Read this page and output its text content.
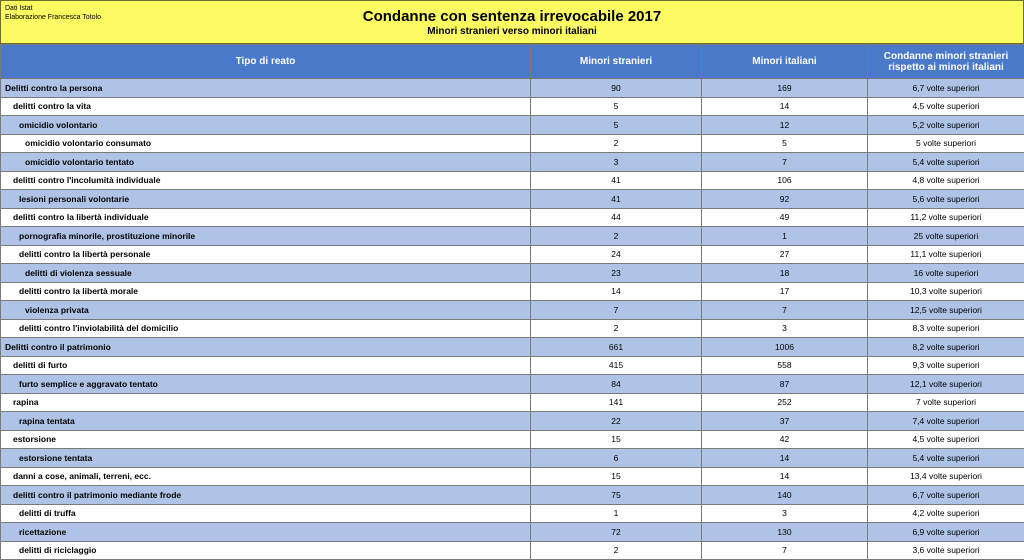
Dati Istat
Elaborazione Francesca Totolo	Condanne con sentenza irrevocabile 2017
Minori stranieri verso minori italiani
Tipo di reato	Minori stranieri	Minori italiani	Condanne minori stranieri
rispetto ai minori italiani
Delitti contro la persona	90	169	6,7 volte superiori
delitti contro la vita	5	14	4,5 volte superiori
omicidio volontario	5	12	5,2 volte superiori
omicidio volontario consumato	2	5	5 volte superiori
omicidio volontario tentato	3	7	5,4 volte superiori
delitti contro l'incolumità individuale	41	106	4,8 volte superiori
lesioni personali volontarie	41	92	5,6 volte superiori
delitti contro la libertà individuale	44	49	11,2 volte superiori
pornografia minorile, prostituzione minorile	2	1	25 volte superiori
delitti contro la libertà personale	24	27	11,1 volte superiori
delitti di violenza sessuale	23	18	16 volte superiori
delitti contro la libertà morale	14	17	10,3 volte superiori
violenza privata	7	7	12,5 volte superiori
delitti contro l'inviolabilità del domicilio	2	3	8,3 volte superiori
Delitti contro il patrimonio	661	1006	8,2 volte superiori
delitti di furto	415	558	9,3 volte superiori
furto semplice e aggravato tentato	84	87	12,1 volte superiori
rapina	141	252	7 volte superiori
rapina tentata	22	37	7,4 volte superiori
estorsione	15	42	4,5 volte superiori
estorsione tentata	6	14	5,4 volte superiori
danni a cose, animali, terreni, ecc.	15	14	13,4 volte superiori
delitti contro il patrimonio mediante frode	75	140	6,7 volte superiori
delitti di truffa	1	3	4,2 volte superiori
ricettazione	72	130	6,9 volte superiori
delitti di riciclaggio	2	7	3,6 volte superiori
